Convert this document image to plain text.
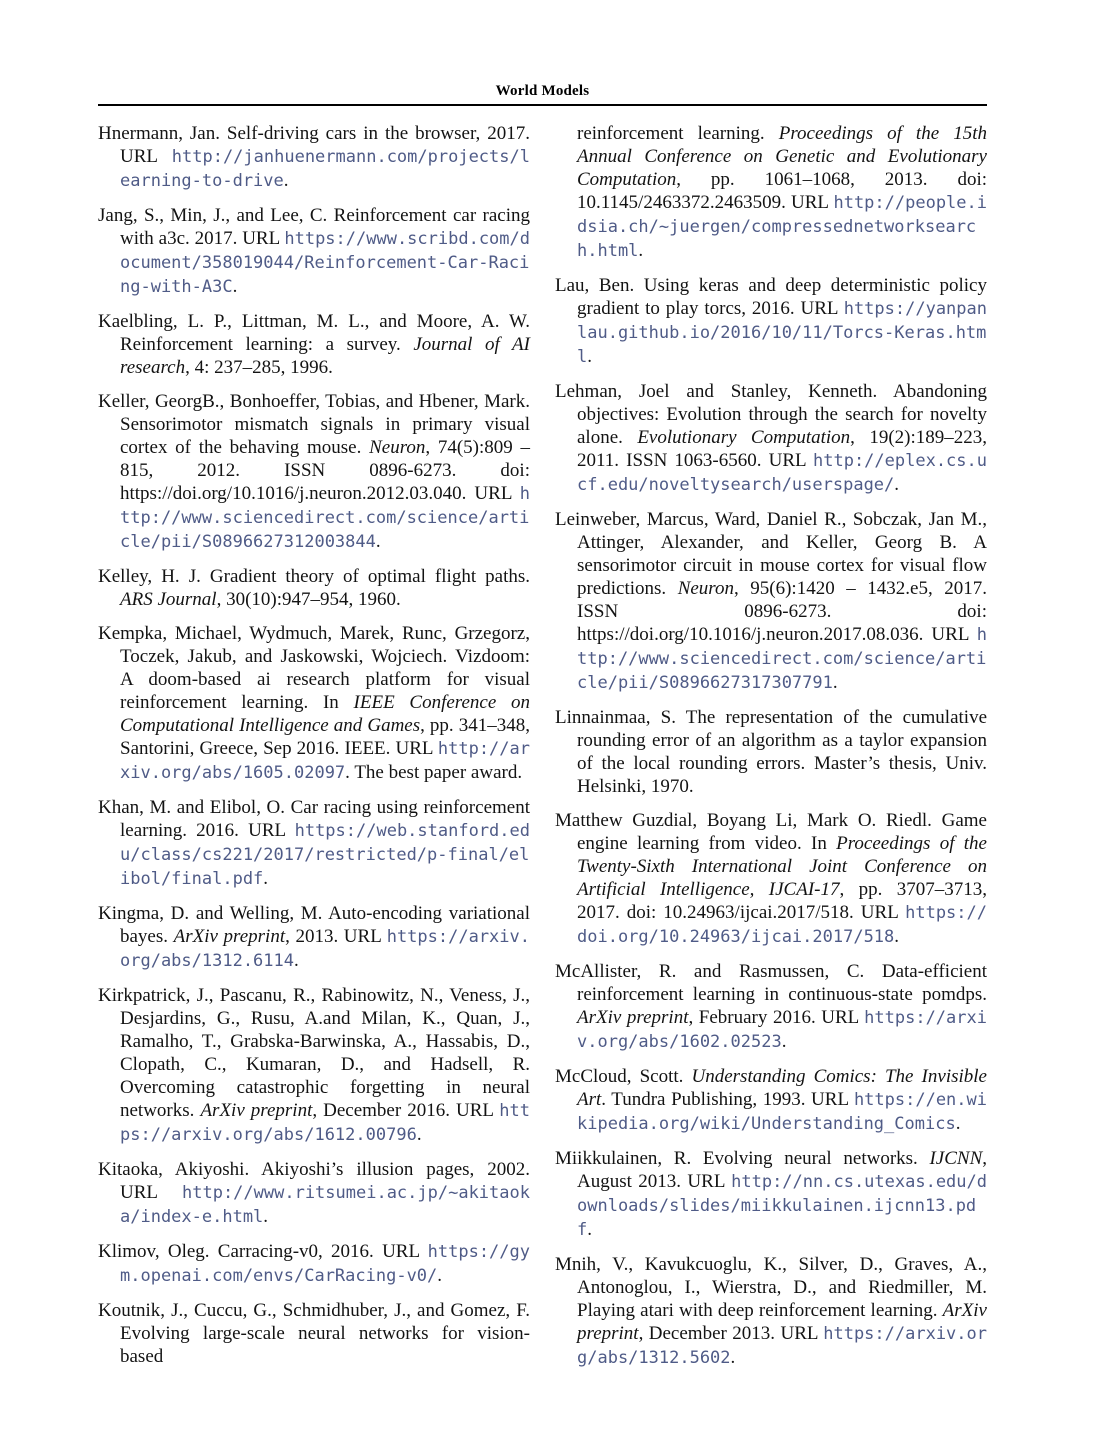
World Models

Hnermann, Jan. Self-driving cars in the browser, 2017. URL http://janhuenermann.com/projects/learning-to-drive.

Jang, S., Min, J., and Lee, C. Reinforcement car racing with a3c. 2017. URL https://www.scribd.com/document/358019044/Reinforcement-Car-Racing-with-A3C.

Kaelbling, L. P., Littman, M. L., and Moore, A. W. Reinforcement learning: a survey. Journal of AI research, 4: 237–285, 1996.

Keller, GeorgB., Bonhoeffer, Tobias, and Hbener, Mark. Sensorimotor mismatch signals in primary visual cortex of the behaving mouse. Neuron, 74(5):809 – 815, 2012. ISSN 0896-6273. doi: https://doi.org/10.1016/j.neuron.2012.03.040. URL http://www.sciencedirect.com/science/article/pii/S0896627312003844.

Kelley, H. J. Gradient theory of optimal flight paths. ARS Journal, 30(10):947–954, 1960.

Kempka, Michael, Wydmuch, Marek, Runc, Grzegorz, Toczek, Jakub, and Jaskowski, Wojciech. Vizdoom: A doom-based ai research platform for visual reinforcement learning. In IEEE Conference on Computational Intelligence and Games, pp. 341–348, Santorini, Greece, Sep 2016. IEEE. URL http://arxiv.org/abs/1605.02097. The best paper award.

Khan, M. and Elibol, O. Car racing using reinforcement learning. 2016. URL https://web.stanford.edu/class/cs221/2017/restricted/p-final/elibol/final.pdf.

Kingma, D. and Welling, M. Auto-encoding variational bayes. ArXiv preprint, 2013. URL https://arxiv.org/abs/1312.6114.

Kirkpatrick, J., Pascanu, R., Rabinowitz, N., Veness, J., Desjardins, G., Rusu, A.and Milan, K., Quan, J., Ramalho, T., Grabska-Barwinska, A., Hassabis, D., Clopath, C., Kumaran, D., and Hadsell, R. Overcoming catastrophic forgetting in neural networks. ArXiv preprint, December 2016. URL https://arxiv.org/abs/1612.00796.

Kitaoka, Akiyoshi. Akiyoshi’s illusion pages, 2002. URL http://www.ritsumei.ac.jp/~akitaoka/index-e.html.

Klimov, Oleg. Carracing-v0, 2016. URL https://gym.openai.com/envs/CarRacing-v0/.

Koutnik, J., Cuccu, G., Schmidhuber, J., and Gomez, F. Evolving large-scale neural networks for vision-based

reinforcement learning. Proceedings of the 15th Annual Conference on Genetic and Evolutionary Computation, pp. 1061–1068, 2013. doi: 10.1145/2463372.2463509. URL http://people.idsia.ch/~juergen/compressednetworksearch.html.

Lau, Ben. Using keras and deep deterministic policy gradient to play torcs, 2016. URL https://yanpanlau.github.io/2016/10/11/Torcs-Keras.html.

Lehman, Joel and Stanley, Kenneth. Abandoning objectives: Evolution through the search for novelty alone. Evolutionary Computation, 19(2):189–223, 2011. ISSN 1063-6560. URL http://eplex.cs.ucf.edu/noveltysearch/userspage/.

Leinweber, Marcus, Ward, Daniel R., Sobczak, Jan M., Attinger, Alexander, and Keller, Georg B. A sensorimotor circuit in mouse cortex for visual flow predictions. Neuron, 95(6):1420 – 1432.e5, 2017. ISSN 0896-6273. doi: https://doi.org/10.1016/j.neuron.2017.08.036. URL http://www.sciencedirect.com/science/article/pii/S0896627317307791.

Linnainmaa, S. The representation of the cumulative rounding error of an algorithm as a taylor expansion of the local rounding errors. Master’s thesis, Univ. Helsinki, 1970.

Matthew Guzdial, Boyang Li, Mark O. Riedl. Game engine learning from video. In Proceedings of the Twenty-Sixth International Joint Conference on Artificial Intelligence, IJCAI-17, pp. 3707–3713, 2017. doi: 10.24963/ijcai.2017/518. URL https://doi.org/10.24963/ijcai.2017/518.

McAllister, R. and Rasmussen, C. Data-efficient reinforcement learning in continuous-state pomdps. ArXiv preprint, February 2016. URL https://arxiv.org/abs/1602.02523.

McCloud, Scott. Understanding Comics: The Invisible Art. Tundra Publishing, 1993. URL https://en.wikipedia.org/wiki/Understanding_Comics.

Miikkulainen, R. Evolving neural networks. IJCNN, August 2013. URL http://nn.cs.utexas.edu/downloads/slides/miikkulainen.ijcnn13.pdf.

Mnih, V., Kavukcuoglu, K., Silver, D., Graves, A., Antonoglou, I., Wierstra, D., and Riedmiller, M. Playing atari with deep reinforcement learning. ArXiv preprint, December 2013. URL https://arxiv.org/abs/1312.5602.
